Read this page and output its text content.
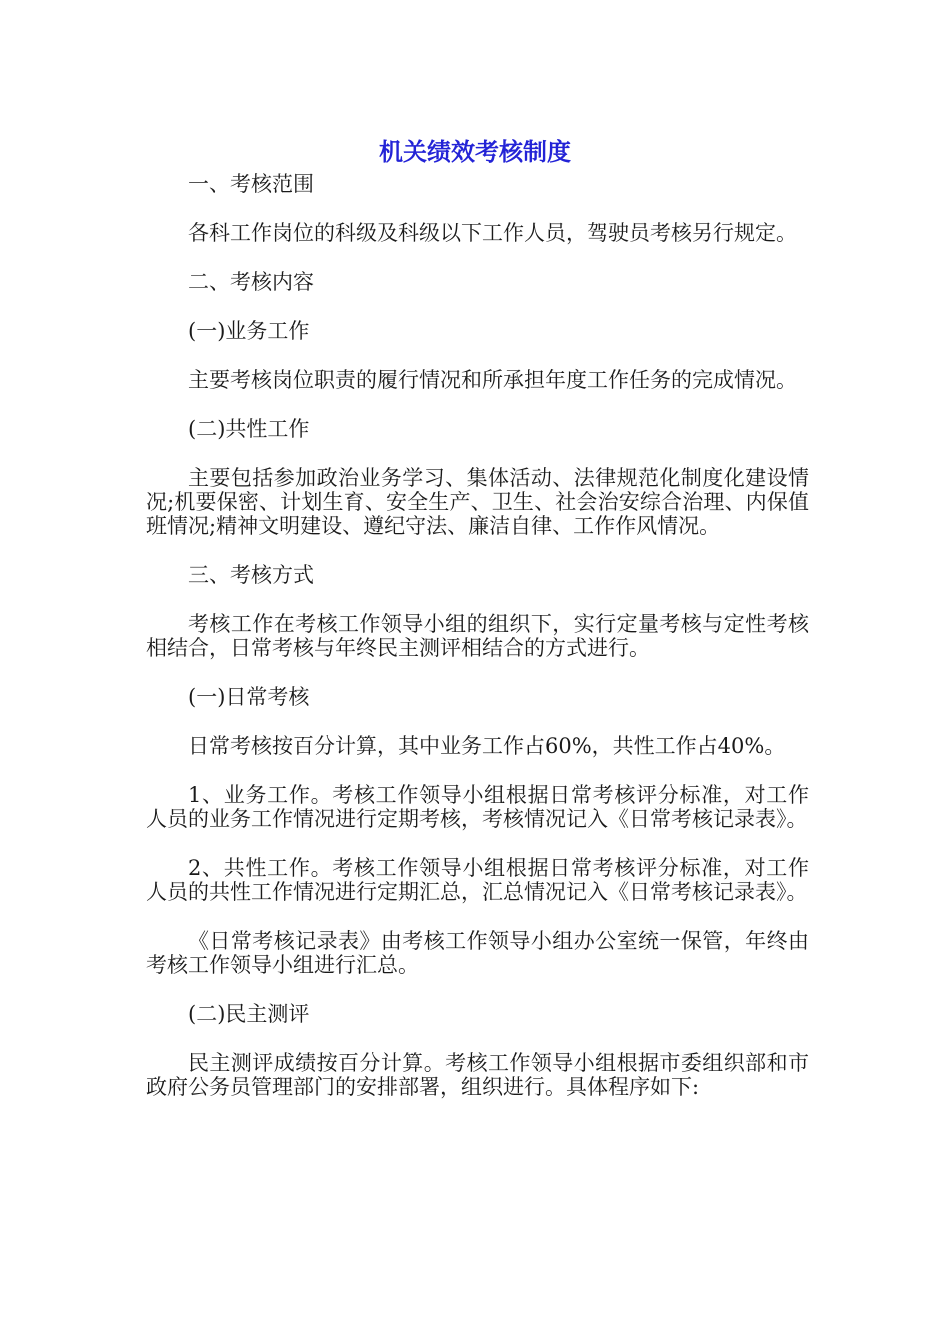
机关绩效考核制度

一、考核范围

各科工作岗位的科级及科级以下工作人员，驾驶员考核另行规定。

二、考核内容

(一)业务工作

主要考核岗位职责的履行情况和所承担年度工作任务的完成情况。

(二)共性工作

主要包括参加政治业务学习、集体活动、法律规范化制度化建设情况;机要保密、计划生育、安全生产、卫生、社会治安综合治理、内保值班情况;精神文明建设、遵纪守法、廉洁自律、工作作风情况。

三、考核方式

考核工作在考核工作领导小组的组织下，实行定量考核与定性考核相结合，日常考核与年终民主测评相结合的方式进行。

(一)日常考核

日常考核按百分计算，其中业务工作占60%，共性工作占40%。

1、业务工作。考核工作领导小组根据日常考核评分标准，对工作人员的业务工作情况进行定期考核，考核情况记入《日常考核记录表》。

2、共性工作。考核工作领导小组根据日常考核评分标准，对工作人员的共性工作情况进行定期汇总，汇总情况记入《日常考核记录表》。

《日常考核记录表》由考核工作领导小组办公室统一保管，年终由考核工作领导小组进行汇总。

(二)民主测评

民主测评成绩按百分计算。考核工作领导小组根据市委组织部和市政府公务员管理部门的安排部署，组织进行。具体程序如下:
